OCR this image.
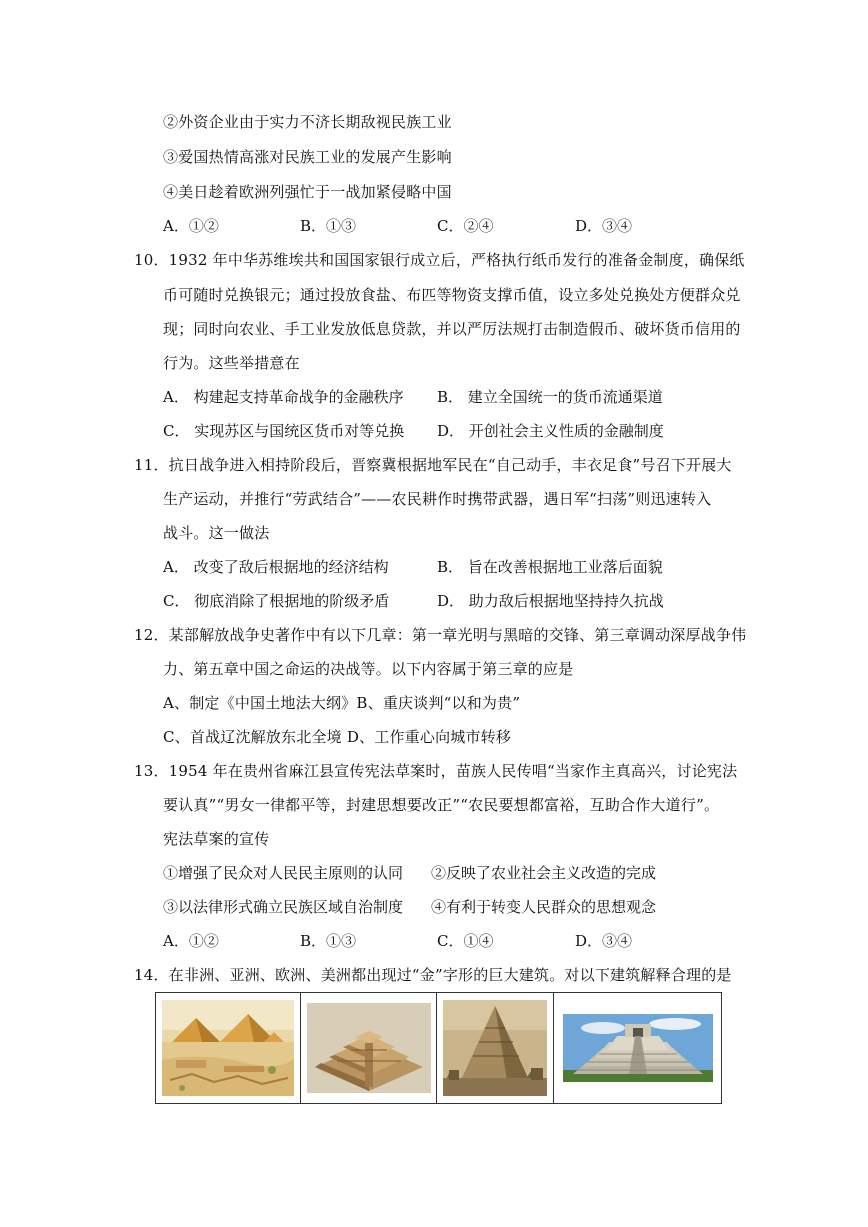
②外资企业由于实力不济长期敌视民族工业
③爱国热情高涨对民族工业的发展产生影响
④美日趁着欧洲列强忙于一战加紧侵略中国
A．①②	B．①③	C．②④	D．③④
10．1932 年中华苏维埃共和国国家银行成立后，严格执行纸币发行的准备金制度，确保纸
币可随时兑换银元；通过投放食盐、布匹等物资支撑币值，设立多处兑换处方便群众兑
现；同时向农业、手工业发放低息贷款，并以严厉法规打击制造假币、破坏货币信用的
行为。这些举措意在
A． 构建起支持革命战争的金融秩序 B． 建立全国统一的货币流通渠道
C． 实现苏区与国统区货币对等兑换 D． 开创社会主义性质的金融制度
11．抗日战争进入相持阶段后，晋察冀根据地军民在“自己动手，丰衣足食”号召下开展大
生产运动，并推行“劳武结合”——农民耕作时携带武器，遇日军“扫荡”则迅速转入
战斗。这一做法
A． 改变了敌后根据地的经济结构	B． 旨在改善根据地工业落后面貌
C． 彻底消除了根据地的阶级矛盾	D． 助力敌后根据地坚持持久抗战
12．某部解放战争史著作中有以下几章：第一章光明与黑暗的交锋、第三章调动深厚战争伟
力、第五章中国之命运的决战等。以下内容属于第三章的应是
A、制定《中国土地法大纲》B、重庆谈判“以和为贵”
C、首战辽沈解放东北全境 D、工作重心向城市转移
13．1954 年在贵州省麻江县宣传宪法草案时，苗族人民传唱“当家作主真高兴，讨论宪法
要认真”“男女一律都平等，封建思想要改正”“农民要想都富裕，互助合作大道行”。
宪法草案的宣传
①增强了民众对人民民主原则的认同 ②反映了农业社会主义改造的完成
③以法律形式确立民族区域自治制度 ④有利于转变人民群众的思想观念
A．①②	B．①③	C．①④	D．③④
14．在非洲、亚洲、欧洲、美洲都出现过“金”字形的巨大建筑。对以下建筑解释合理的是
